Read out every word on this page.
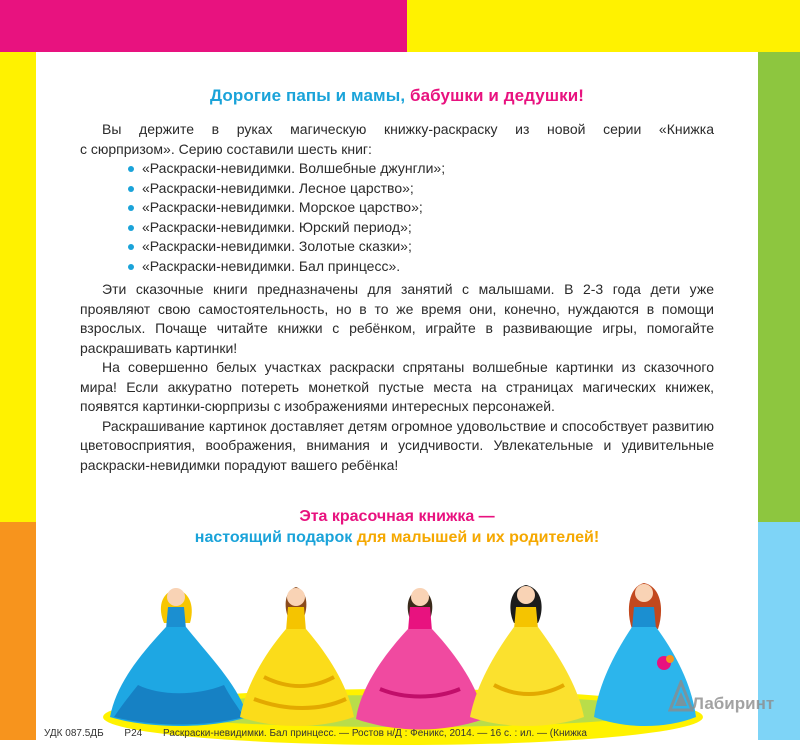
Дорогие папы и мамы, бабушки и дедушки!

Вы держите в руках магическую книжку-раскраску из новой серии «Книжка

с сюрпризом». Серию составили шесть книг:

«Раскраски-невидимки. Волшебные джунгли»;
«Раскраски-невидимки. Лесное царство»;
«Раскраски-невидимки. Морское царство»;
«Раскраски-невидимки. Юрский период»;
«Раскраски-невидимки. Золотые сказки»;
«Раскраски-невидимки. Бал принцесс».

Эти сказочные книги предназначены для занятий с малышами. В 2-3 года дети уже проявляют свою самостоятельность, но в то же время они, конечно, нуждаются в помощи взрослых. Почаще читайте книжки с ребёнком, играйте в развивающие игры, помогайте раскрашивать картинки!

На совершенно белых участках раскраски спрятаны волшебные картинки из сказочного мира! Если аккуратно потереть монеткой пустые места на страницах магических книжек, появятся картинки-сюрпризы с изображениями интересных персонажей.

Раскрашивание картинок доставляет детям огромное удовольствие и способствует развитию цветовосприятия, воображения, внимания и усидчивости. Увлекательные и удивительные раскраски-невидимки порадуют вашего ребёнка!

Эта красочная книжка —
настоящий подарок для малышей и их родителей!
Лабиринт
УДК 087.5ДБ Р24 Раскраски-невидимки. Бал принцесс. — Ростов н/Д : Феникс, 2014. — 16 с. : ил. — (Книжка
